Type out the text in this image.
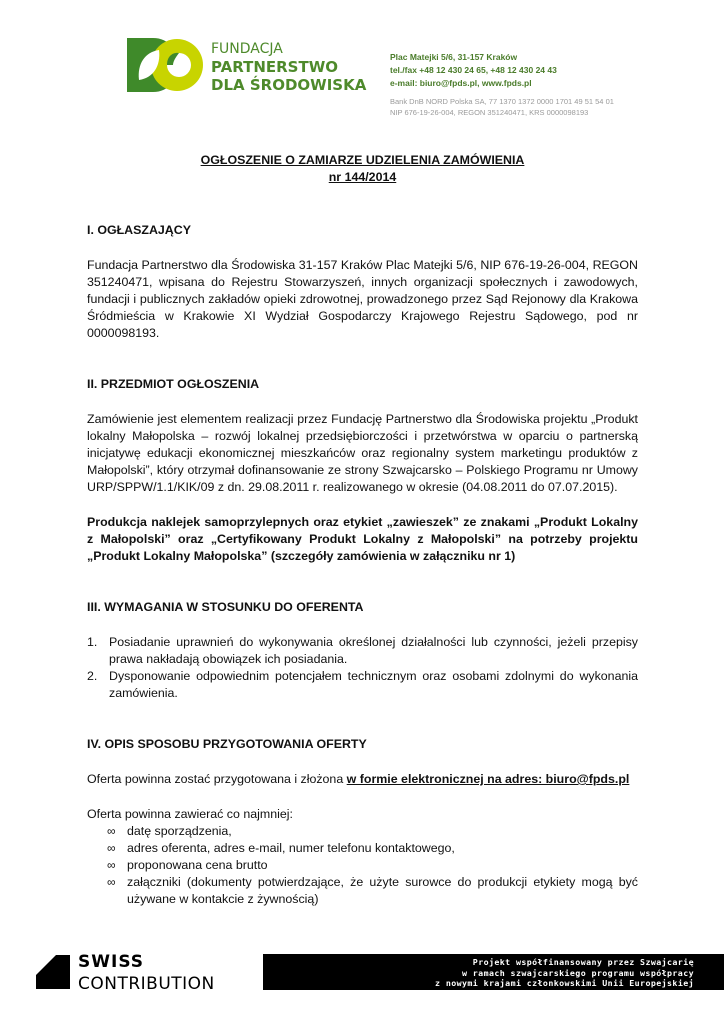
FUNDACJA
PARTNERSTWO
DLA ŚRODOWISKA
Plac Matejki 5/6, 31-157 Kraków
tel./fax +48 12 430 24 65, +48 12 430 24 43
e-mail: biuro@fpds.pl, www.fpds.pl
Bank DnB NORD Polska SA, 77 1370 1372 0000 1701 49 51 54 01
NIP 676-19-26-004, REGON 351240471, KRS 0000098193
OGŁOSZENIE O ZAMIARZE UDZIELENIA ZAMÓWIENIA
nr 144/2014
I. OGŁASZAJĄCY
Fundacja Partnerstwo dla Środowiska 31-157 Kraków Plac Matejki 5/6, NIP 676-19-26-004, REGON 351240471, wpisana do Rejestru Stowarzyszeń, innych organizacji społecznych i zawodowych, fundacji i publicznych zakładów opieki zdrowotnej, prowadzonego przez Sąd Rejonowy dla Krakowa Śródmieścia w Krakowie XI Wydział Gospodarczy Krajowego Rejestru Sądowego, pod nr 0000098193.
II. PRZEDMIOT OGŁOSZENIA
Zamówienie jest elementem realizacji przez Fundację Partnerstwo dla Środowiska projektu „Produkt lokalny Małopolska – rozwój lokalnej przedsiębiorczości i przetwórstwa w oparciu o partnerską inicjatywę edukacji ekonomicznej mieszkańców oraz regionalny system marketingu produktów z Małopolski”, który otrzymał dofinansowanie ze strony Szwajcarsko – Polskiego Programu nr Umowy URP/SPPW/1.1/KIK/09 z dn. 29.08.2011 r. realizowanego w okresie (04.08.2011 do 07.07.2015).
Produkcja naklejek samoprzylepnych oraz etykiet „zawieszek” ze znakami „Produkt Lokalny z Małopolski” oraz „Certyfikowany Produkt Lokalny z Małopolski” na potrzeby projektu „Produkt Lokalny Małopolska” (szczegóły zamówienia w załączniku nr 1)
III. WYMAGANIA W STOSUNKU DO OFERENTA
1. Posiadanie uprawnień do wykonywania określonej działalności lub czynności, jeżeli przepisy prawa nakładają obowiązek ich posiadania.
2. Dysponowanie odpowiednim potencjałem technicznym oraz osobami zdolnymi do wykonania zamówienia.
IV. OPIS SPOSOBU PRZYGOTOWANIA OFERTY
Oferta powinna zostać przygotowana i złożona w formie elektronicznej na adres: biuro@fpds.pl
Oferta powinna zawierać co najmniej:
∞ datę sporządzenia,
∞ adres oferenta, adres e-mail, numer telefonu kontaktowego,
∞ proponowana cena brutto
∞ załączniki (dokumenty potwierdzające, że użyte surowce do produkcji etykiety mogą być używane w kontakcie z żywnością)
SWISS
CONTRIBUTION
Projekt współfinansowany przez Szwajcarię
w ramach szwajcarskiego programu współpracy
z nowymi krajami członkowskimi Unii Europejskiej
